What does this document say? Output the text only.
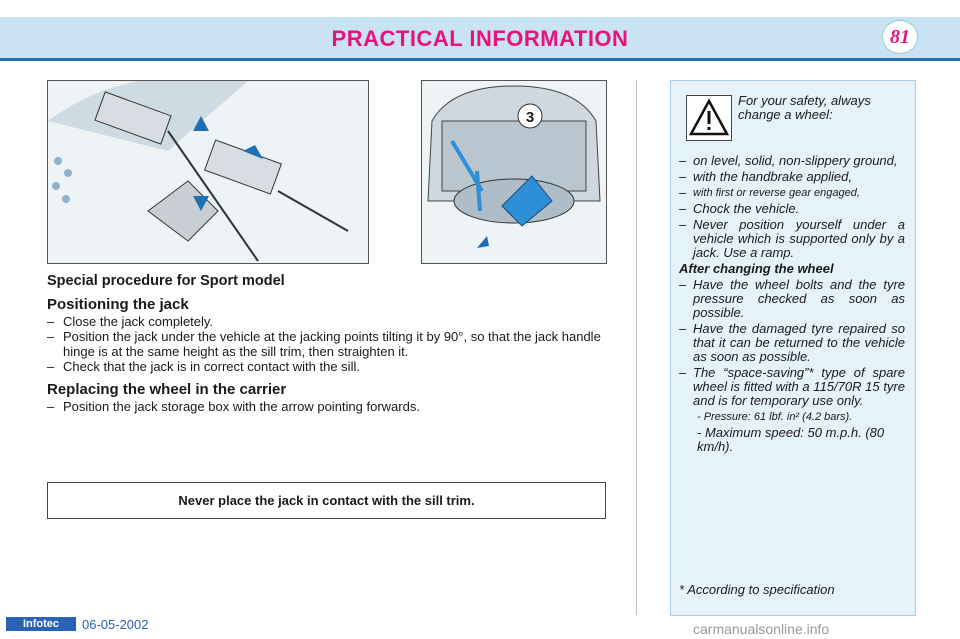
PRACTICAL INFORMATION	81
3
Special procedure for Sport model
Positioning the jack
– Close the jack completely.
– Position the jack under the vehicle at the jacking points tilting it by 90°, so that the jack handle hinge is at the same height as the sill trim, then straighten it.
– Check that the jack is in correct contact with the sill.
Replacing the wheel in the carrier
– Position the jack storage box with the arrow pointing forwards.
Never place the jack in contact with the sill trim.
For your safety, always change a wheel:
– on level, solid, non-slippery ground,
– with the handbrake applied,
– with first or reverse gear engaged,
– Chock the vehicle.
– Never position yourself under a vehicle which is supported only by a jack. Use a ramp.
After changing the wheel
– Have the wheel bolts and the tyre pressure checked as soon as possible.
– Have the damaged tyre repaired so that it can be returned to the vehicle as soon as possible.
– The “space-saving”* type of spare wheel is fitted with a 115/70R 15 tyre and is for temporary use only.
- Pressure: 61 lbf. in² (4.2 bars).
- Maximum speed: 50 m.p.h. (80 km/h).
* According to specification
Infotec	06-05-2002	carmanualsonline.info
